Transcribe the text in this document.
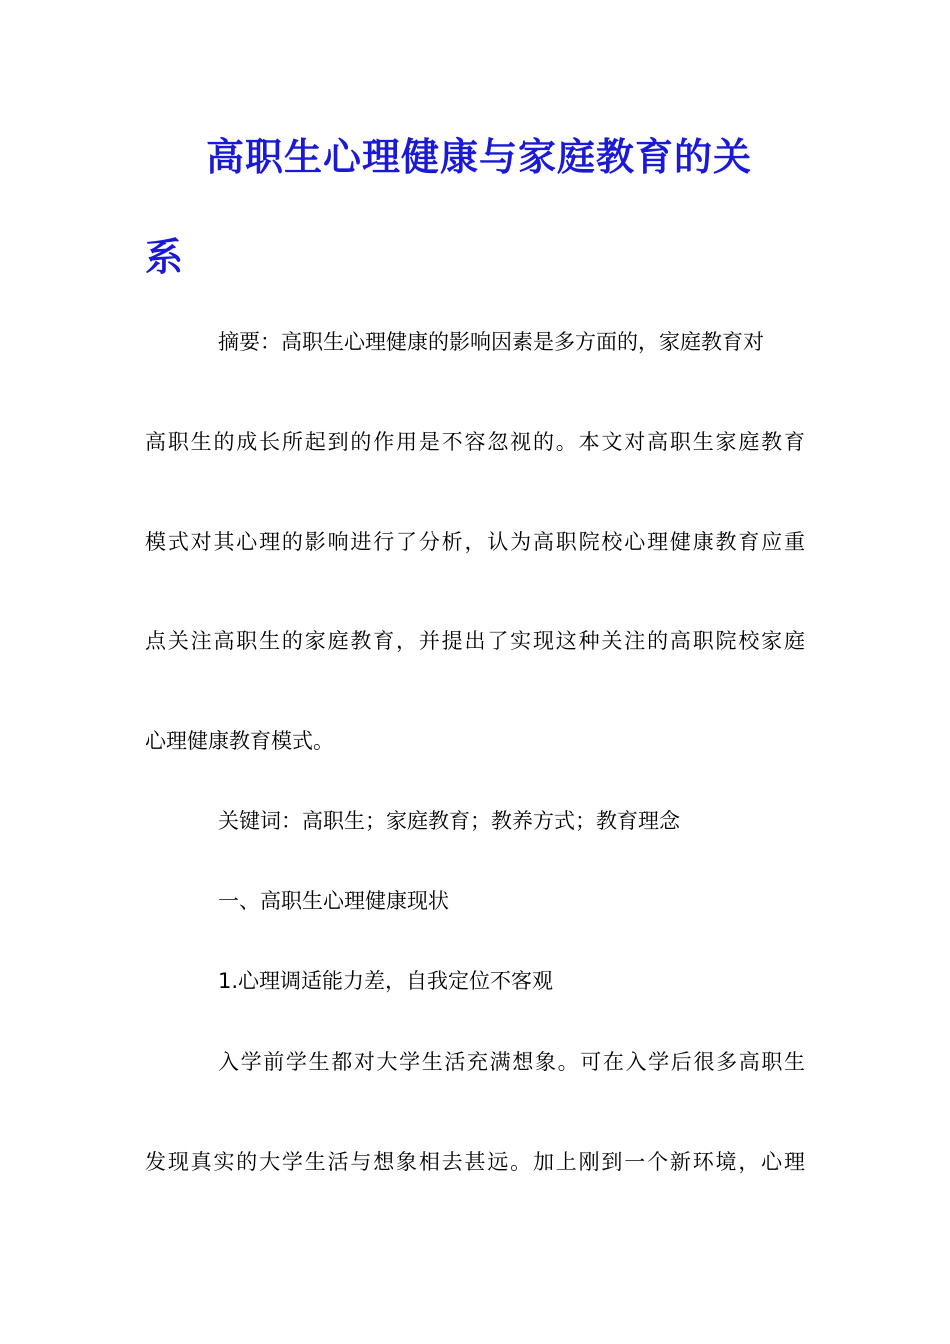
高职生心理健康与家庭教育的关
系
摘要：高职生心理健康的影响因素是多方面的，家庭教育对
高职生的成长所起到的作用是不容忽视的。本文对高职生家庭教育
模式对其心理的影响进行了分析，认为高职院校心理健康教育应重
点关注高职生的家庭教育，并提出了实现这种关注的高职院校家庭
心理健康教育模式。
关键词：高职生；家庭教育；教养方式；教育理念
一、高职生心理健康现状
1.心理调适能力差，自我定位不客观
入学前学生都对大学生活充满想象。可在入学后很多高职生
发现真实的大学生活与想象相去甚远。加上刚到一个新环境，心理
